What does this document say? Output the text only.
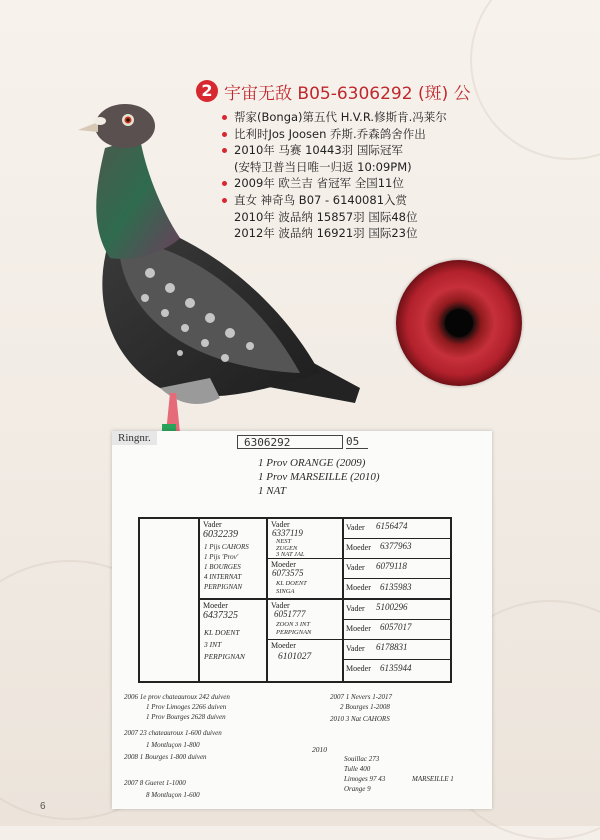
2 宇宙无敌 B05-6306292 (斑) 公
帮家(Bonga)第五代 H.V.R.修斯肯.冯莱尔
比利时Jos Joosen 乔斯.乔森鸽舍作出
2010年 马赛 10443羽 国际冠军
(安特卫普当日唯一归返 10:09PM)
2009年 欧兰吉 省冠军 全国11位
直女 神奇鸟 B07 - 6140081入赏
2010年 波品纳 15857羽 国际48位
2012年 波品纳 16921羽 国际23位
Ringnr.	6306292	05
1 Prov ORANGE (2009)
1 Prov MARSEILLE (2010)
1 NAT
Vader
6032239
1 Pijs CAHORS
1 Pijs 'Prov'
1 BOURGES
4 INTERNAT
PERPIGNAN
Moeder
6437325
KL DOENT
3 INT
PERPIGNAN
Vader
6337119
NEST
ZUGEN
3 NAT JAL
Moeder
6073575
KL DOENT
SINGA
Vader
6051777
ZOON 3 INT
PERPIGNAN
Moeder
6101027
Vader 6156474
Moeder 6377963
Vader 6079118
Moeder 6135983
Vader 5100296
Moeder 6057017
Vader 6178831
Moeder 6135944
2006 1e prov chateauroux 242 duiven
1 Prov Limoges 2266 duiven
1 Prov Bourges 2628 duiven
2007 23 chateauroux 1-600 duiven
1 Montluçon 1-800
2008 1 Bourges 1-800 duiven
2007 8 Gueret 1-1000
8 Montluçon 1-600
2007 1 Nevers 1-2017
2 Bourges 1-2008
2010 3 Nat CAHORS
2010
Souillac 273
Tulle 400
Limoges 97 43
Orange 9
MARSEILLE 1
6
